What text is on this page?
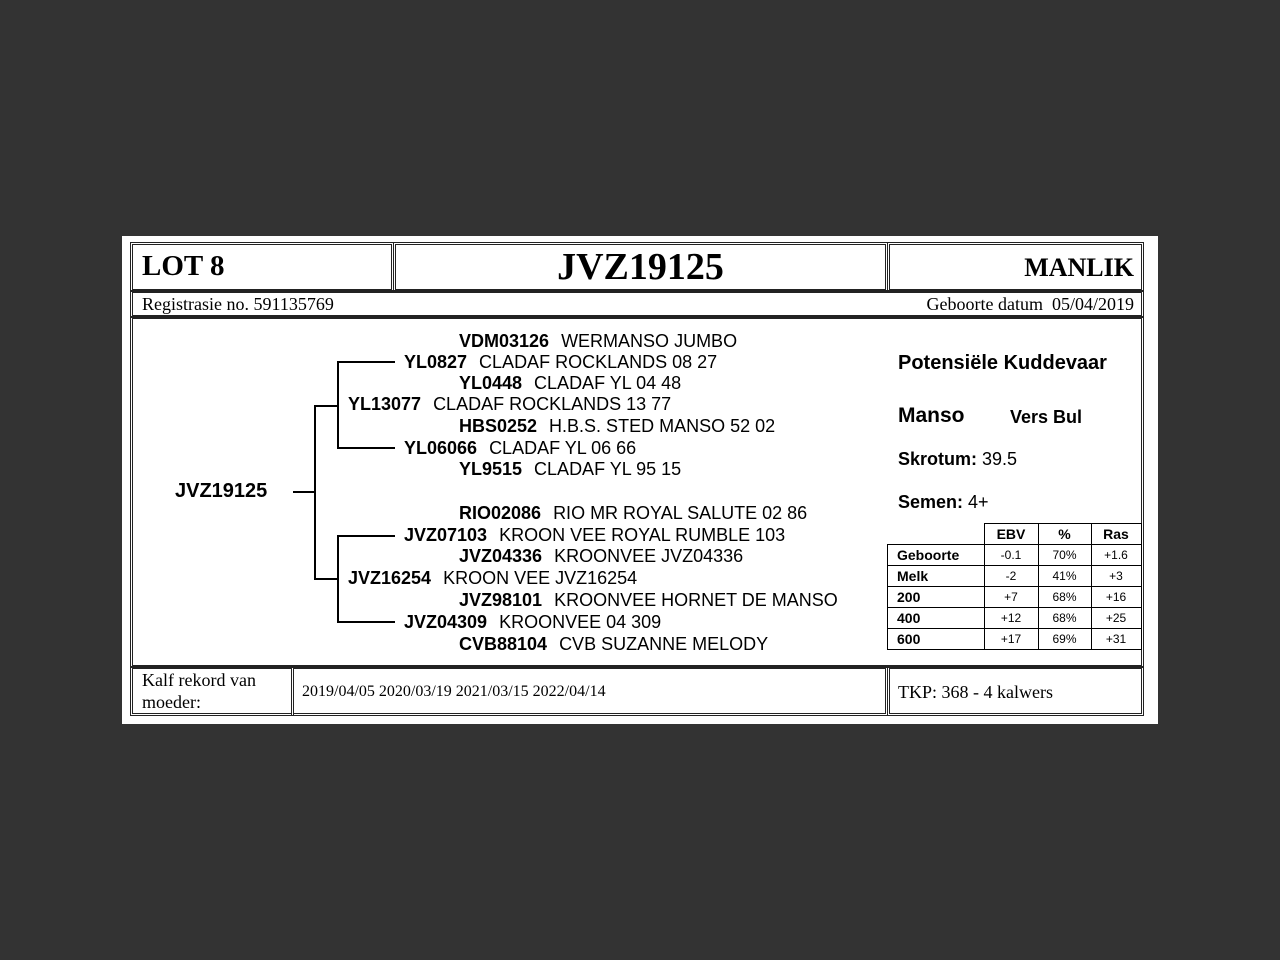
LOT 8	JVZ19125	MANLIK
Registrasie no. 591135769	Geboorte datum 05/04/2019
JVZ19125
VDM03126 WERMANSO JUMBO
YL0827 CLADAF ROCKLANDS 08 27
YL0448 CLADAF YL 04 48
YL13077 CLADAF ROCKLANDS 13 77
HBS0252 H.B.S. STED MANSO 52 02
YL06066 CLADAF YL 06 66
YL9515 CLADAF YL 95 15
RIO02086 RIO MR ROYAL SALUTE 02 86
JVZ07103 KROON VEE ROYAL RUMBLE 103
JVZ04336 KROONVEE JVZ04336
JVZ16254 KROON VEE JVZ16254
JVZ98101 KROONVEE HORNET DE MANSO
JVZ04309 KROONVEE 04 309
CVB88104 CVB SUZANNE MELODY
Potensiële Kuddevaar
Manso	Vers Bul
Skrotum: 39.5
Semen: 4+
	EBV	%	Ras
Geboorte	-0.1	70%	+1.6
Melk	-2	41%	+3
200	+7	68%	+16
400	+12	68%	+25
600	+17	69%	+31
Kalf rekord van
moeder:
2019/04/05 2020/03/19 2021/03/15 2022/04/14	TKP: 368 - 4 kalwers
